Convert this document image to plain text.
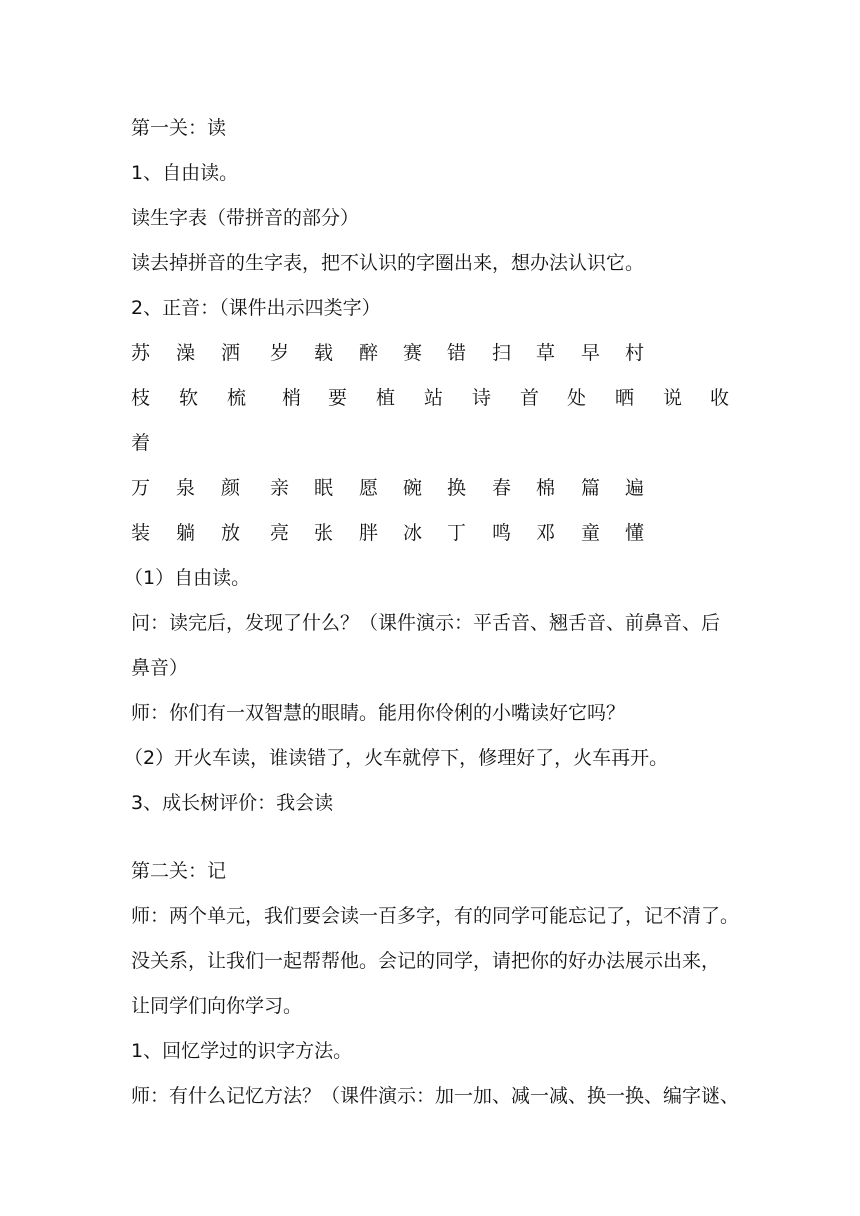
第一关：读
1、自由读。
读生字表（带拼音的部分）
读去掉拼音的生字表，把不认识的字圈出来，想办法认识它。
2、正音：（课件出示四类字）
苏 澡 洒 岁 载 醉 赛 错 扫 草 早 村
枝 软 梳 梢 要 植 站 诗 首 处 晒 说 收
着
万 泉 颜 亲 眠 愿 碗 换 春 棉 篇 遍
装 躺 放 亮 张 胖 冰 丁 鸣 邓 童 懂
（1）自由读。
问：读完后，发现了什么？（课件演示：平舌音、翘舌音、前鼻音、后
鼻音）
师：你们有一双智慧的眼睛。能用你伶俐的小嘴读好它吗？
（2）开火车读，谁读错了，火车就停下，修理好了，火车再开。
3、成长树评价：我会读
第二关：记
师：两个单元，我们要会读一百多字，有的同学可能忘记了，记不清了。
没关系，让我们一起帮帮他。会记的同学，请把你的好办法展示出来，
让同学们向你学习。
1、回忆学过的识字方法。
师：有什么记忆方法？（课件演示：加一加、减一减、换一换、编字谜、
